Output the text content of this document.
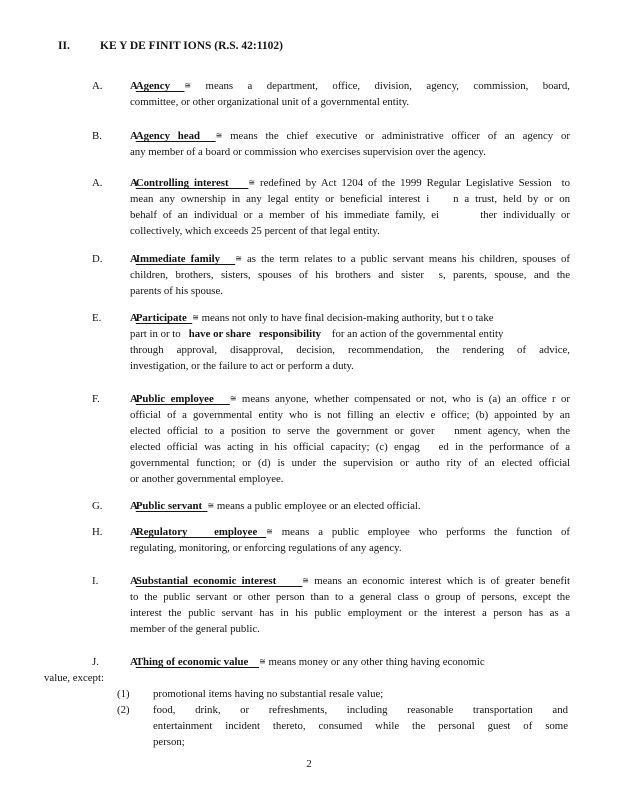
II.	KE Y DE FINIT IONS (R.S. 42:1102)
A.	AAgency ≅ means a department, office, division, agency, commission, board,
committee, or other organizational unit of a governmental entity.
B.	AAgency head  ≅ means the chief executive or administrative officer of an agency or
any member of a board or commission who exercises supervision over the agency.
A.	AControlling interest    ≅ redefined by Act 1204 of the 1999 Regular Legislative Session  to
mean any ownership in any legal entity or beneficial interest i    n a trust, held by or on
behalf of an individual or a member of his immediate family, ei       ther individually or
collectively, which exceeds 25 percent of that legal entity.
D.	AImmediate family   ≅ as the term relates to a public servant means his children, spouses of
children, brothers, sisters, spouses of his brothers and sister  s, parents, spouse, and the
parents of his spouse.
E.	AParticipate  ≅ means not only to have final decision-making authority, but t o take
part in or to   have or share   responsibility    for an action of the governmental entity
through approval, disapproval, decision, recommendation, the rendering of advice,
investigation, or the failure to act or perform a duty.
F.	APublic employee   ≅ means anyone, whether compensated or not, who is (a) an office r or
official of a governmental entity who is not filling an electiv e office; (b) appointed by an
elected official to a position to serve the government or gover   nment agency, when the
elected official was acting in his official capacity; (c) engag   ed in the performance of a
governmental function; or (d) is under the supervision or autho rity of an elected official
or another governmental employee.
G.	APublic servant  ≅ means a public employee or an elected official.
H.	ARegulatory   employee ≅ means a public employee who performs the function of
regulating, monitoring, or enforcing regulations of any agency.
I.	ASubstantial economic interest     ≅ means an economic interest which is of greater benefit
to the public servant or other person than to a general class o group of persons, except the
interest the public servant has in his public employment or the interest a person has as a
member of the general public.
J.	AThing of economic value    ≅ means money or any other thing having economic
value, except:
(1)	promotional items having no substantial resale value;
(2)	food, drink, or refreshments, including reasonable transportation and
entertainment incident thereto, consumed while the personal guest of some
person;
2
